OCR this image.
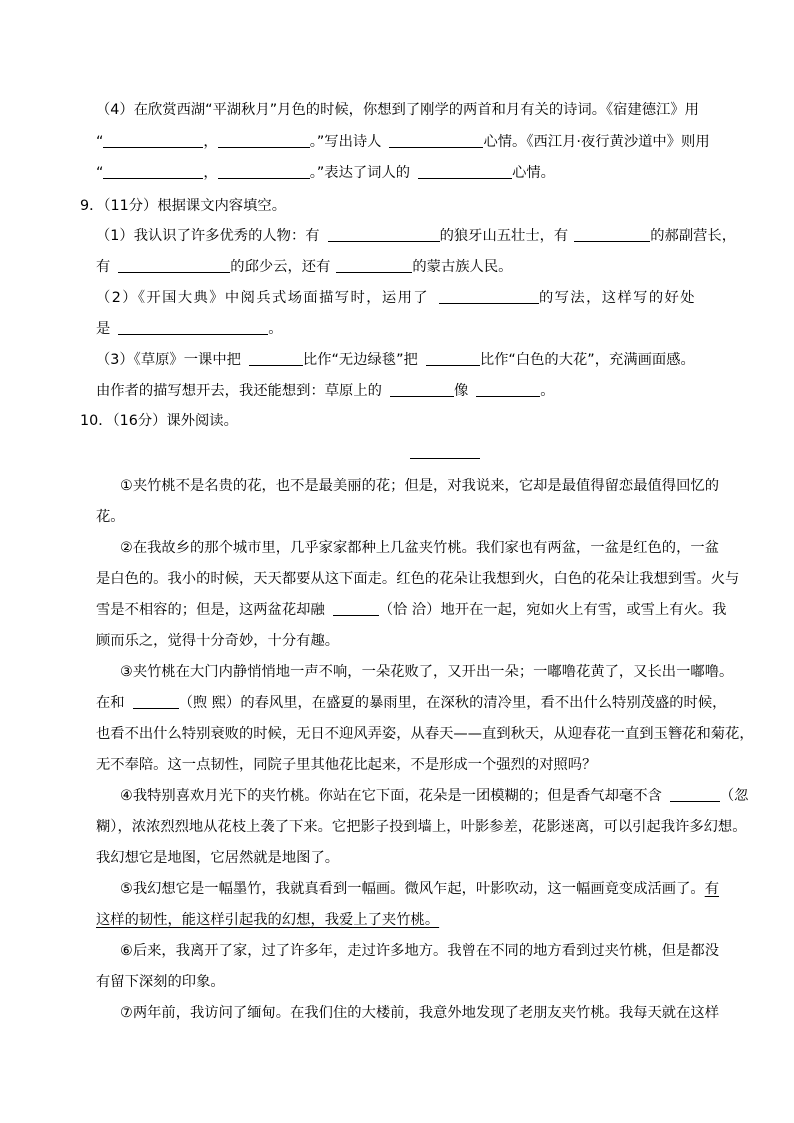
（4）在欣赏西湖“平湖秋月”月色的时候，你想到了刚学的两首和月有关的诗词。《宿建德江》用
“	，	。”写出诗人	心情。《西江月·夜行黄沙道中》则用
“	，	。”表达了词人的	心情。
9．（11分）根据课文内容填空。
（1）我认识了许多优秀的人物：有	的狼牙山五壮士，有	的郝副营长，
有	的邱少云，还有	的蒙古族人民。
（2）《开国大典》中阅兵式场面描写时，运用了	的写法，这样写的好处
是	。
（3）《草原》一课中把	比作“无边绿毯”把	比作“白色的大花”，充满画面感。
由作者的描写想开去，我还能想到：草原上的	像	。
10．（16分）课外阅读。
①夹竹桃不是名贵的花，也不是最美丽的花；但是，对我说来，它却是最值得留恋最值得回忆的
花。
②在我故乡的那个城市里，几乎家家都种上几盆夹竹桃。我们家也有两盆，一盆是红色的，一盆
是白色的。我小的时候，天天都要从这下面走。红色的花朵让我想到火，白色的花朵让我想到雪。火与
雪是不相容的；但是，这两盆花却融	（恰 洽）地开在一起，宛如火上有雪，或雪上有火。我
顾而乐之，觉得十分奇妙，十分有趣。
③夹竹桃在大门内静悄悄地一声不响，一朵花败了，又开出一朵；一嘟噜花黄了，又长出一嘟噜。
在和	（煦 熙）的春风里，在盛夏的暴雨里，在深秋的清冷里，看不出什么特别茂盛的时候，
也看不出什么特别衰败的时候，无日不迎风弄姿，从春天——直到秋天，从迎春花一直到玉簪花和菊花，
无不奉陪。这一点韧性，同院子里其他花比起来，不是形成一个强烈的对照吗？
④我特别喜欢月光下的夹竹桃。你站在它下面，花朵是一团模糊的；但是香气却毫不含	（忽
糊），浓浓烈烈地从花枝上袭了下来。它把影子投到墙上，叶影参差，花影迷离，可以引起我许多幻想。
我幻想它是地图，它居然就是地图了。
⑤我幻想它是一幅墨竹，我就真看到一幅画。微风乍起，叶影吹动，这一幅画竟变成活画了。有
这样的韧性，能这样引起我的幻想，我爱上了夹竹桃。
⑥后来，我离开了家，过了许多年，走过许多地方。我曾在不同的地方看到过夹竹桃，但是都没
有留下深刻的印象。
⑦两年前，我访问了缅甸。在我们住的大楼前，我意外地发现了老朋友夹竹桃。我每天就在这样
